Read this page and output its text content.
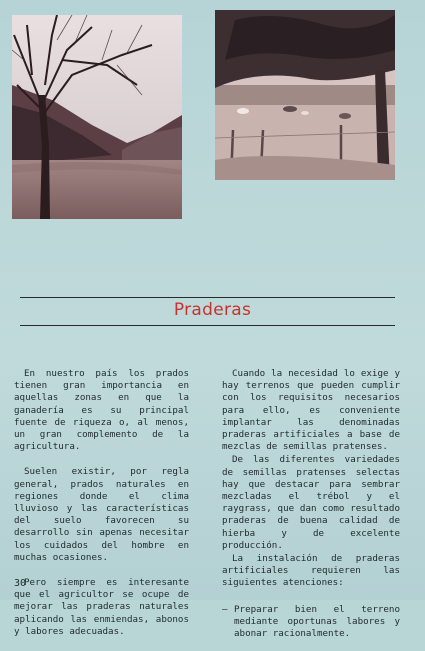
Praderas

En nuestro país los prados tienen gran importancia en aquellas zonas en que la ganadería es su principal fuente de riqueza o, al menos, un gran complemento de la agricultura.

Suelen existir, por regla general, prados naturales en regiones donde el clima lluvioso y las características del suelo favorecen su desarrollo sin apenas necesitar los cuidados del hombre en muchas ocasiones.

Pero siempre es interesante que el agricultor se ocupe de mejorar las praderas naturales aplicando las enmiendas, abonos y labores adecuadas.

Cuando la necesidad lo exige y hay terrenos que pueden cumplir con los requisitos necesarios para ello, es conveniente implantar las denominadas praderas artificiales a base de mezclas de semillas pratenses.

De las diferentes variedades de semillas pratenses selectas hay que destacar para sembrar mezcladas el trébol y el raygrass, que dan como resultado praderas de buena calidad de hierba y de excelente producción.

La instalación de praderas artificiales requieren las siguientes atenciones:

— Preparar bien el terreno mediante oportunas labores y abonar racionalmente.

30
